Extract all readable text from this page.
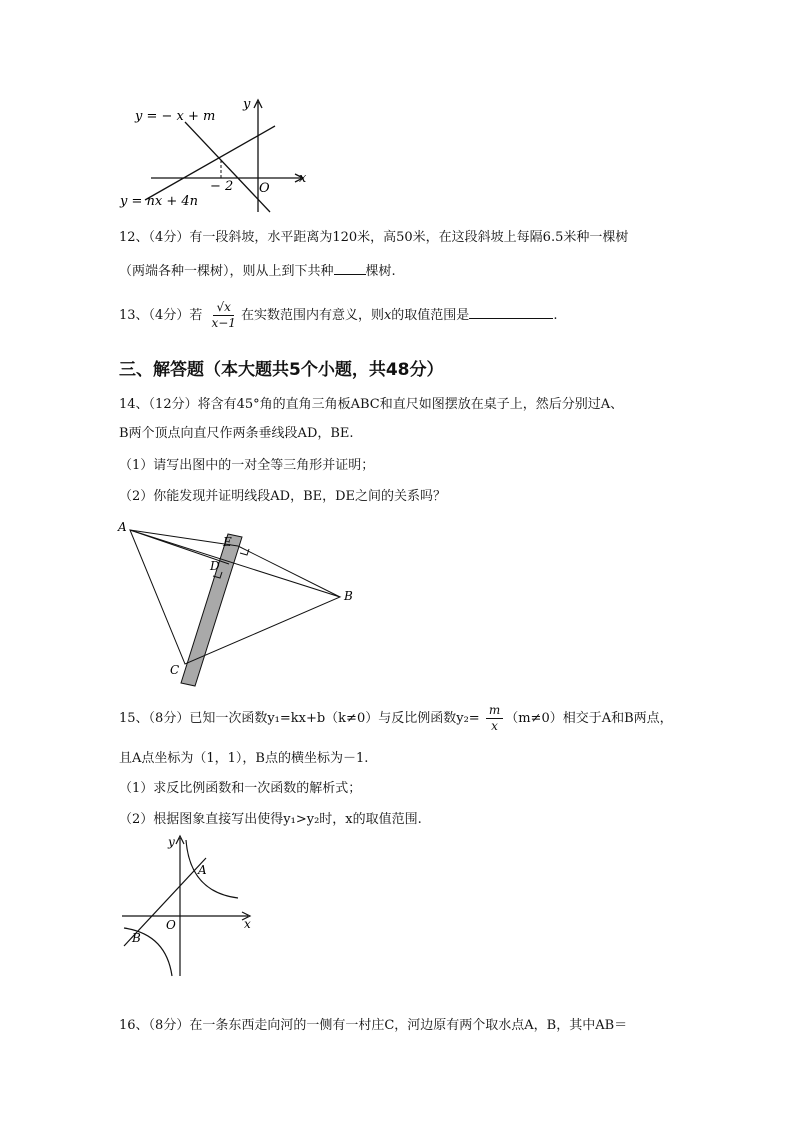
y = − x + m
y = nx + 4n
x
y
O
− 2
12、（4分）有一段斜坡，水平距离为120米，高50米，在这段斜坡上每隔6.5米种一棵树
（两端各种一棵树），则从上到下共种 棵树.
13、（4分）若 $\frac{√x}{x-1}$ 在实数范围内有意义，则x的取值范围是	.
三、解答题（本大题共5个小题，共48分）
14、（12分）将含有45°角的直角三角板ABC和直尺如图摆放在桌子上，然后分别过A、
B两个顶点向直尺作两条垂线段AD，BE.
（1）请写出图中的一对全等三角形并证明；
（2）你能发现并证明线段AD，BE，DE之间的关系吗？
A
B
C
D
E
15、（8分）已知一次函数y₁=kx+b（k≠0）与反比例函数$y_2= \frac{m}{x} (m\ne 0)$相交于A和B两点，
且A点坐标为（1，1），B点的横坐标为－1.
（1）求反比例函数和一次函数的解析式；
（2）根据图象直接写出使得y₁>y₂时，x的取值范围.
x
y
O
A
B
16、（8分）在一条东西走向河的一侧有一村庄C，河边原有两个取水点A，B，其中AB＝
